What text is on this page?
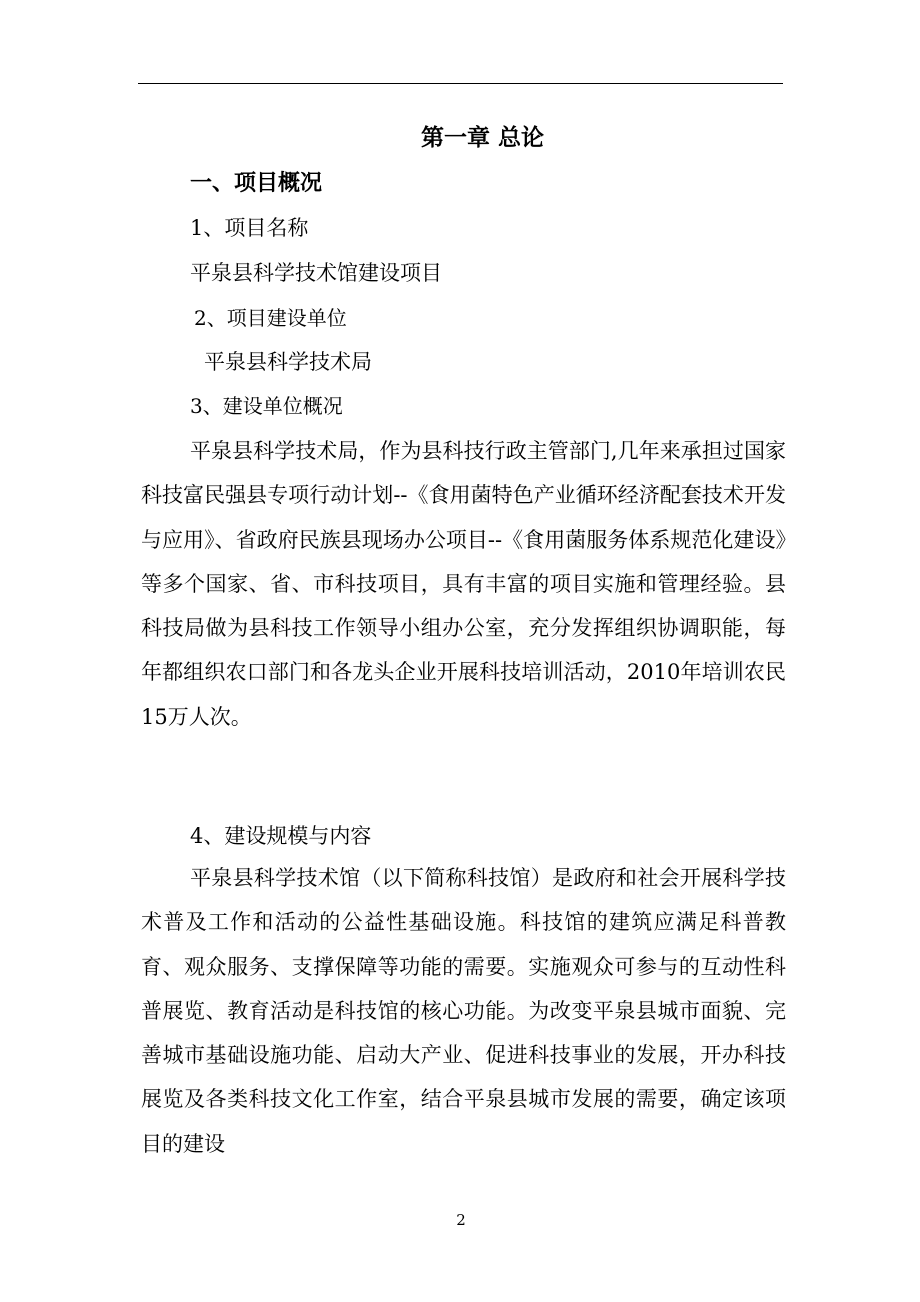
第一章 总论
一、项目概况
1、项目名称
平泉县科学技术馆建设项目
2、项目建设单位
平泉县科学技术局
3、建设单位概况

平泉县科学技术局，作为县科技行政主管部门,几年来承担过国家科技富民强县专项行动计划--《食用菌特色产业循环经济配套技术开发与应用》、省政府民族县现场办公项目--《食用菌服务体系规范化建设》等多个国家、省、市科技项目，具有丰富的项目实施和管理经验。县科技局做为县科技工作领导小组办公室，充分发挥组织协调职能，每年都组织农口部门和各龙头企业开展科技培训活动，2010年培训农民15万人次。

4、建设规模与内容

平泉县科学技术馆（以下简称科技馆）是政府和社会开展科学技术普及工作和活动的公益性基础设施。科技馆的建筑应满足科普教育、观众服务、支撑保障等功能的需要。实施观众可参与的互动性科普展览、教育活动是科技馆的核心功能。为改变平泉县城市面貌、完善城市基础设施功能、启动大产业、促进科技事业的发展，开办科技展览及各类科技文化工作室，结合平泉县城市发展的需要，确定该项目的建设

2
